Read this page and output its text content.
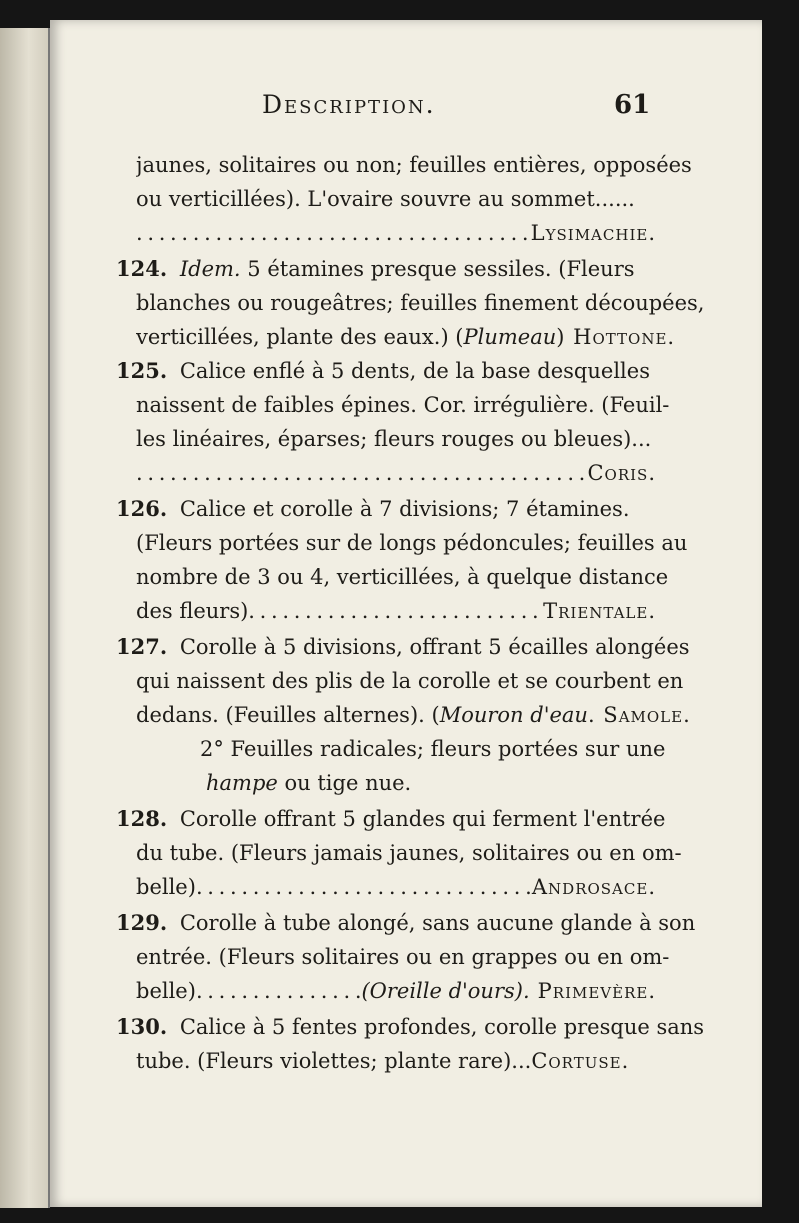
Description.	61
jaunes, solitaires ou non; feuilles entières, opposées
ou verticillées). L'ovaire souvre au sommet......
. . .
Lysimachie.
124. Idem. 5 étamines presque sessiles. (Fleurs
blanches ou rougeâtres; feuilles finement découpées,
verticillées, plante des eaux.) (Plumeau) Hottone.
125. Calice enflé à 5 dents, de la base desquelles
naissent de faibles épines. Cor. irrégulière. (Feuil-
les linéaires, éparses; fleurs rouges ou bleues)...
. . .
Coris.
126. Calice et corolle à 7 divisions; 7 étamines.
(Fleurs portées sur de longs pédoncules; feuilles au
nombre de 3 ou 4, verticillées, à quelque distance
des fleurs) . . .	Trientale.
127. Corolle à 5 divisions, offrant 5 écailles alongées
qui naissent des plis de la corolle et se courbent en
dedans. (Feuilles alternes). (Mouron d'eau. Samole.
2° Feuilles radicales; fleurs portées sur une
hampe ou tige nue.
128. Corolle offrant 5 glandes qui ferment l'entrée
du tube. (Fleurs jamais jaunes, solitaires ou en om-
belle) . . .	Androsace.
129. Corolle à tube alongé, sans aucune glande à son
entrée. (Fleurs solitaires ou en grappes ou en om-
belle) . . .	(Oreille d'ours). Primevère.
130. Calice à 5 fentes profondes, corolle presque sans
tube. (Fleurs violettes; plante rare)...Cortuse.
